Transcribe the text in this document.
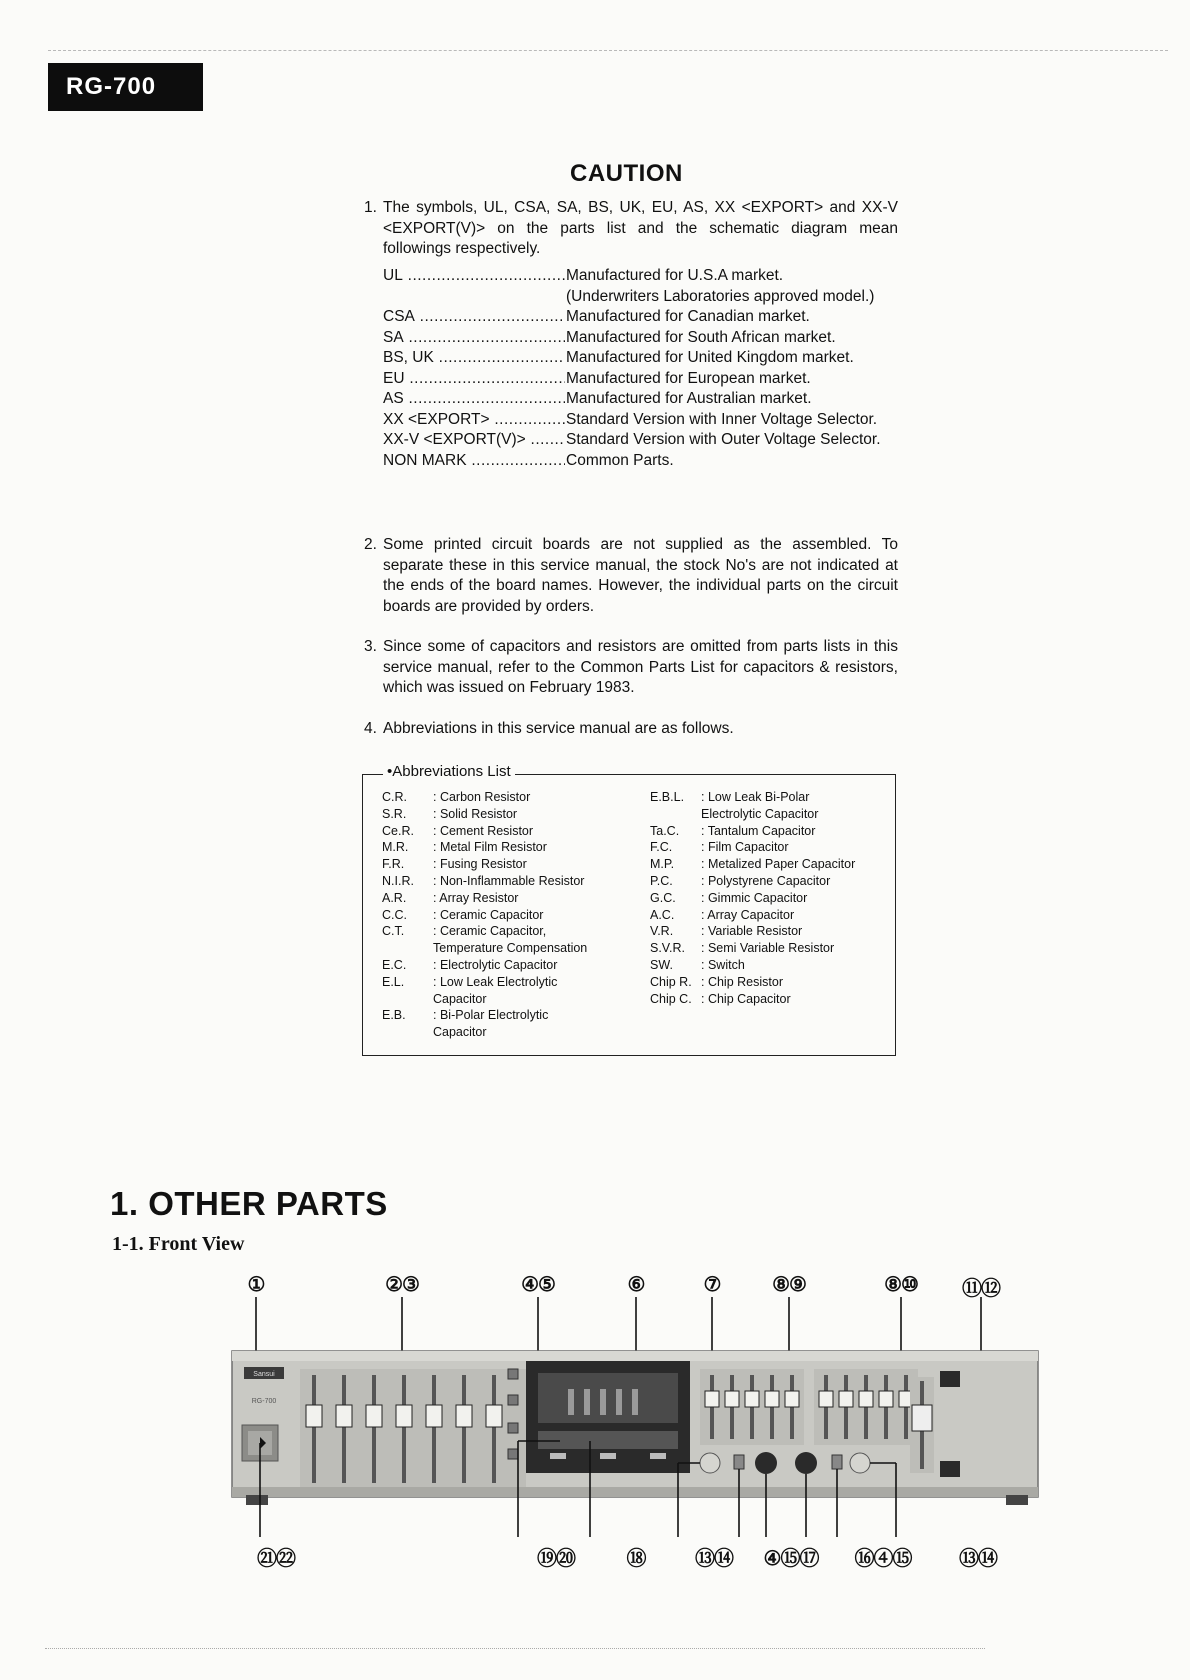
RG-700
CAUTION
1. The symbols, UL, CSA, SA, BS, UK, EU, AS, XX <EXPORT> and XX-V <EXPORT(V)> on the parts list and the schematic diagram mean followings respectively.
UL .....	Manufactured for U.S.A market.
(Underwriters Laboratories approved model.)
CSA .....	Manufactured for Canadian market.
SA .....	Manufactured for South African market.
BS, UK .....	Manufactured for United Kingdom market.
EU .....	Manufactured for European market.
AS .....	Manufactured for Australian market.
XX <EXPORT> .....	Standard Version with Inner Voltage Selector.
XX-V <EXPORT(V)> .....	Standard Version with Outer Voltage Selector.
NON MARK .....	Common Parts.
2. Some printed circuit boards are not supplied as the assembled. To separate these in this service manual, the stock No's are not indicated at the ends of the board names. However, the individual parts on the circuit boards are provided by orders.
3. Since some of capacitors and resistors are omitted from parts lists in this service manual, refer to the Common Parts List for capacitors & resistors, which was issued on February 1983.
4. Abbreviations in this service manual are as follows.
•Abbreviations List
C.R.	: Carbon Resistor
S.R.	: Solid Resistor
Ce.R.	: Cement Resistor
M.R.	: Metal Film Resistor
F.R.	: Fusing Resistor
N.I.R.	: Non-Inflammable Resistor
A.R.	: Array Resistor
C.C.	: Ceramic Capacitor
C.T.	: Ceramic Capacitor, Temperature Compensation
E.C.	: Electrolytic Capacitor
E.L.	: Low Leak Electrolytic Capacitor
E.B.	: Bi-Polar Electrolytic Capacitor
E.B.L.	: Low Leak Bi-Polar Electrolytic Capacitor
Ta.C.	: Tantalum Capacitor
F.C.	: Film Capacitor
M.P.	: Metalized Paper Capacitor
P.C.	: Polystyrene Capacitor
G.C.	: Gimmic Capacitor
A.C.	: Array Capacitor
V.R.	: Variable Resistor
S.V.R.	: Semi Variable Resistor
SW.	: Switch
Chip R.	: Chip Resistor
Chip C.	: Chip Capacitor
1. OTHER PARTS
1-1. Front View
①	②③	④⑤	⑥	⑦	⑧⑨	⑧⑩ ⑪⑫
㉑㉒	⑲⑳	⑱ ⑬⑭ ④⑮⑰ ⑯④⑮ ⑬⑭
Sansui
RG-700
